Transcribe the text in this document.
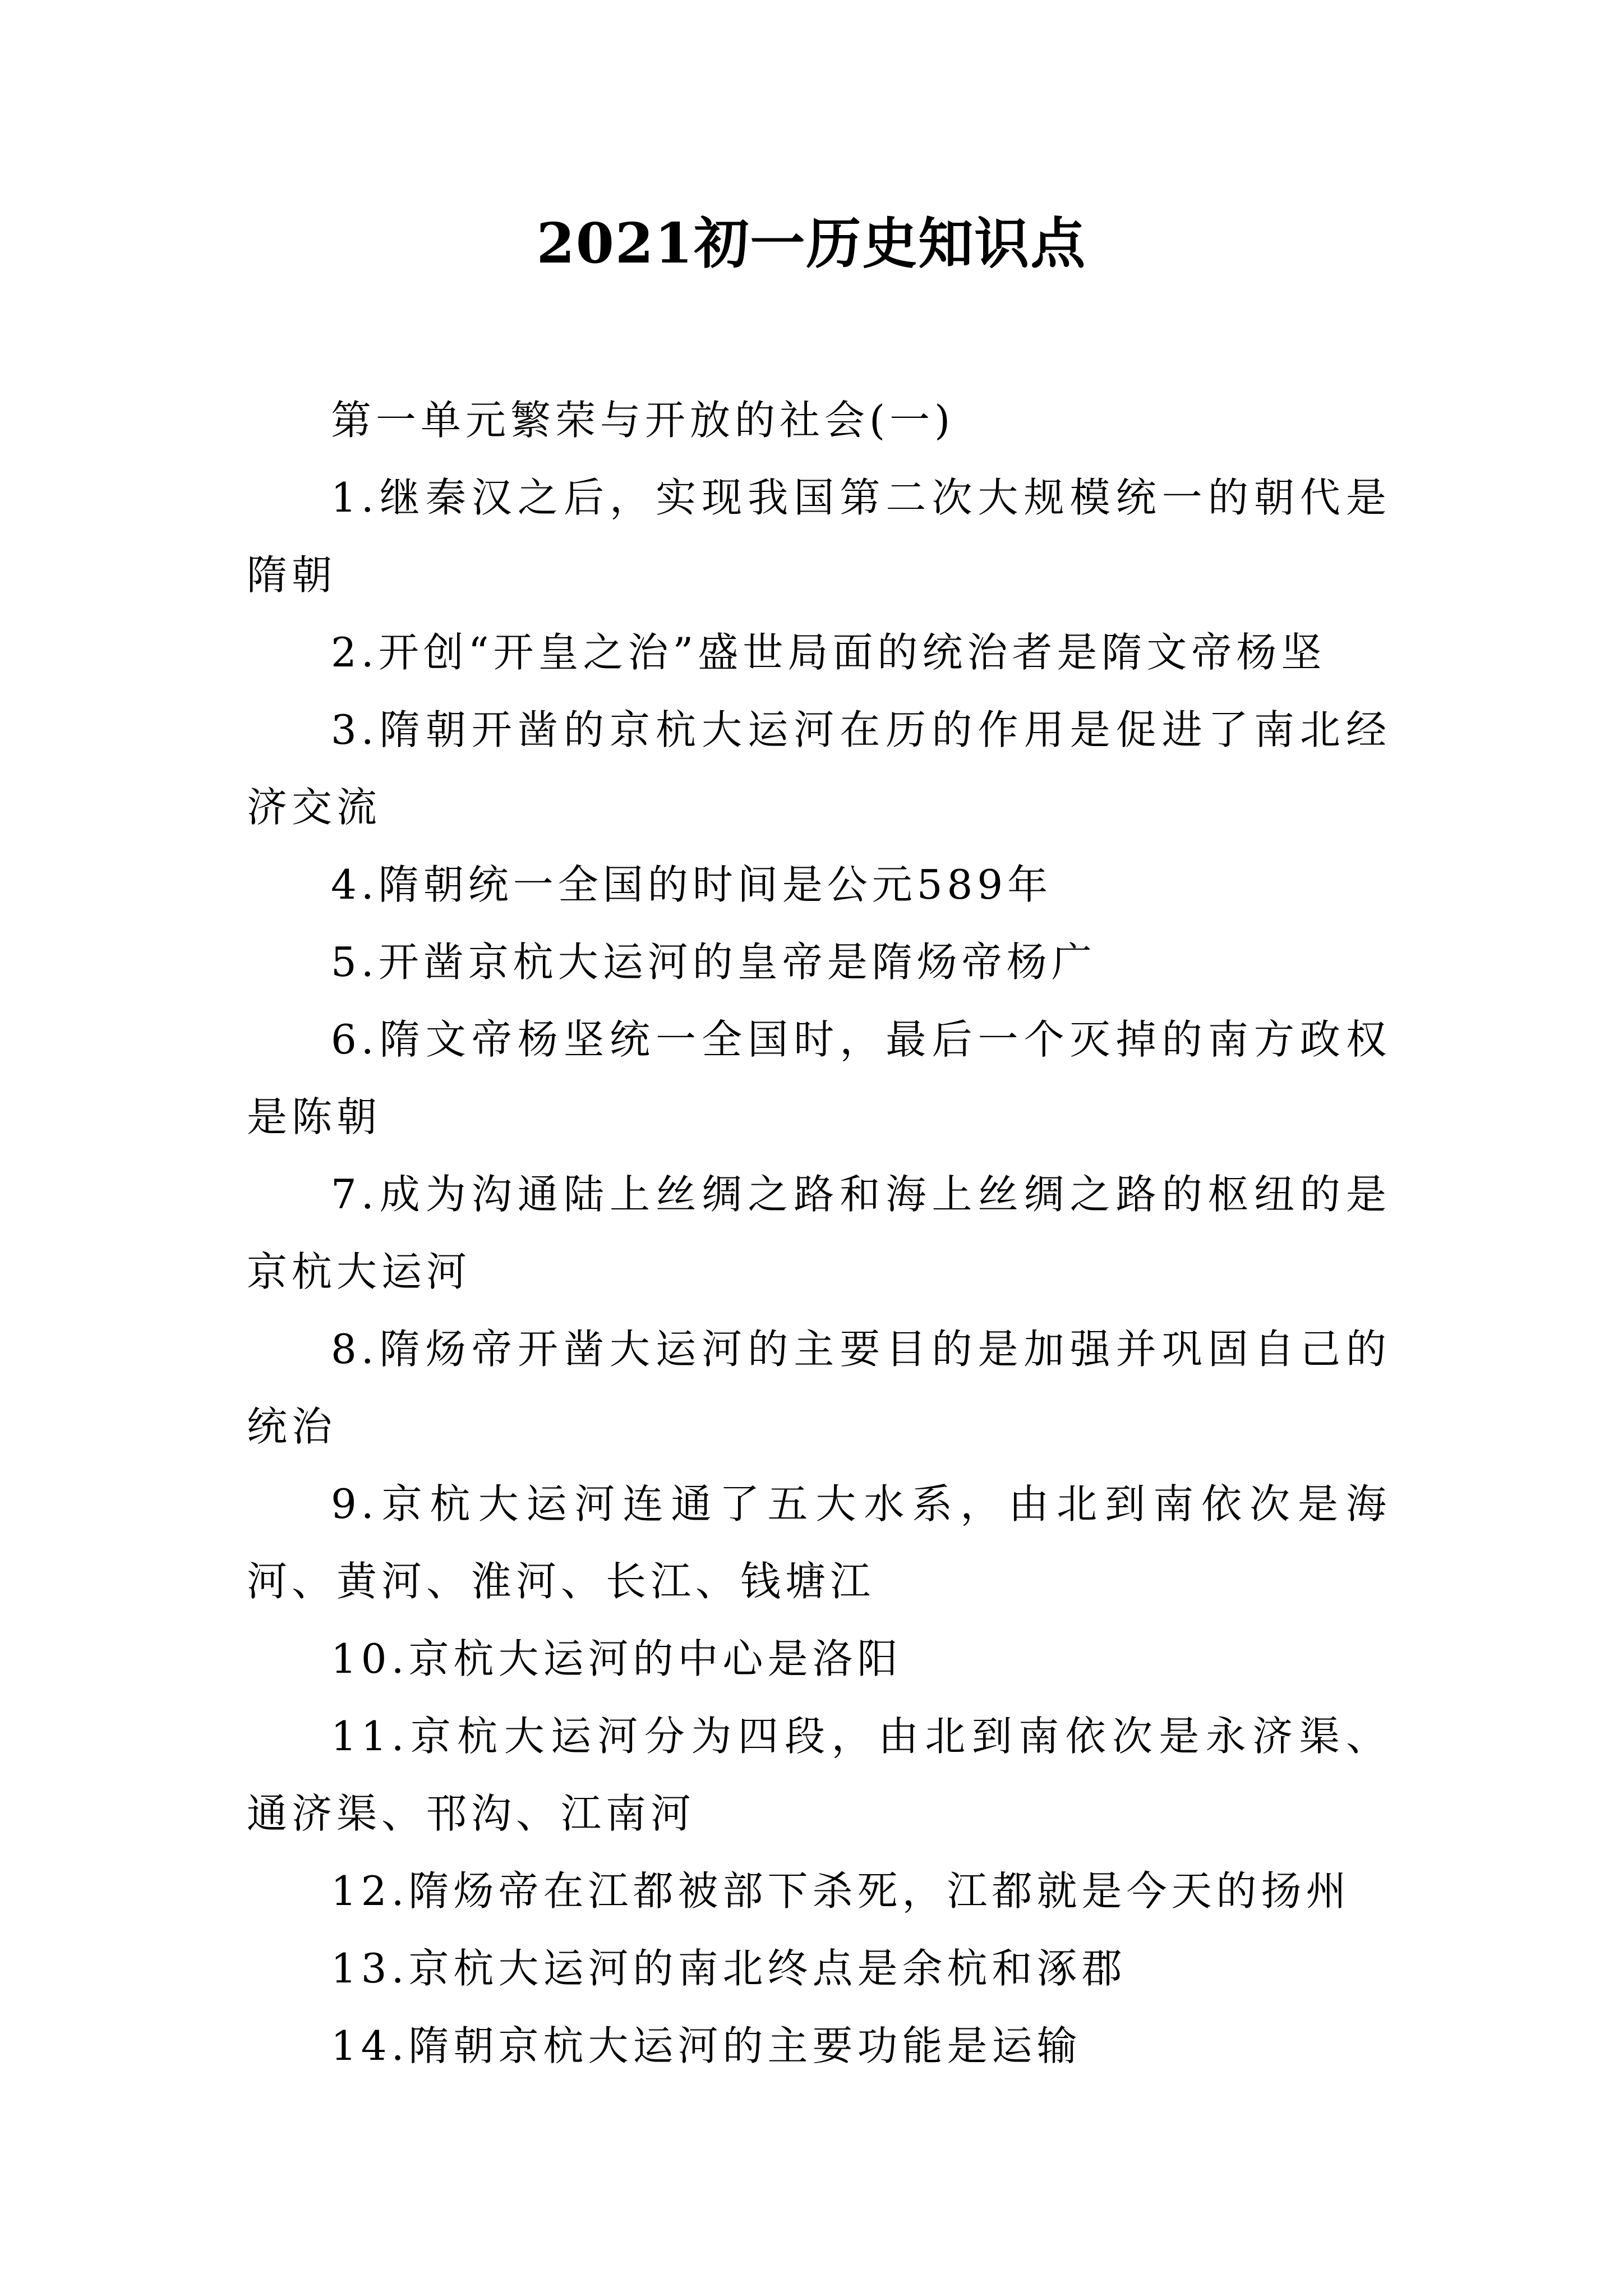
2021初一历史知识点

第一单元繁荣与开放的社会(一)

1.继秦汉之后，实现我国第二次大规模统一的朝代是隋朝

2.开创“开皇之治”盛世局面的统治者是隋文帝杨坚

3.隋朝开凿的京杭大运河在历的作用是促进了南北经济交流

4.隋朝统一全国的时间是公元589年

5.开凿京杭大运河的皇帝是隋炀帝杨广

6.隋文帝杨坚统一全国时，最后一个灭掉的南方政权是陈朝

7.成为沟通陆上丝绸之路和海上丝绸之路的枢纽的是京杭大运河

8.隋炀帝开凿大运河的主要目的是加强并巩固自己的统治

9.京杭大运河连通了五大水系，由北到南依次是海河、黄河、淮河、长江、钱塘江

10.京杭大运河的中心是洛阳

11.京杭大运河分为四段，由北到南依次是永济渠、通济渠、邗沟、江南河

12.隋炀帝在江都被部下杀死，江都就是今天的扬州

13.京杭大运河的南北终点是余杭和涿郡

14.隋朝京杭大运河的主要功能是运输
